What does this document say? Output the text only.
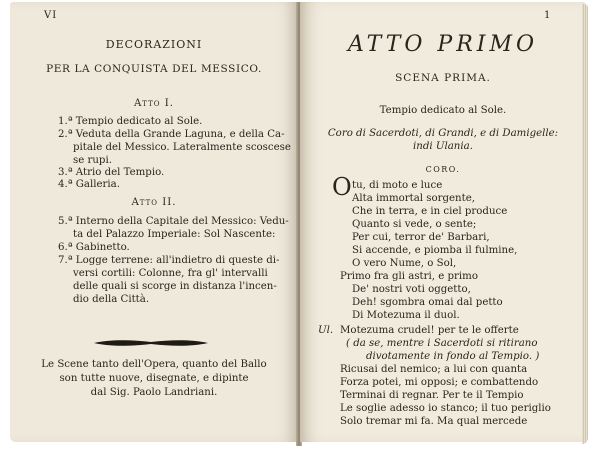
VI
DECORAZIONI
PER LA CONQUISTA DEL MESSICO.
Atto I.
1.ª Tempio dedicato al Sole.
2.ª Veduta della Grande Laguna, e della Ca-
pitale del Messico. Lateralmente scoscese
se rupi.
3.ª Atrio del Tempio.
4.ª Galleria.
Atto II.
5.ª Interno della Capitale del Messico: Vedu-
ta del Palazzo Imperiale: Sol Nascente:
6.ª Gabinetto.
7.ª Logge terrene: all'indietro di queste di-
versi cortili: Colonne, fra gl' intervalli
delle quali si scorge in distanza l'incen-
dio della Città.
Le Scene tanto dell'Opera, quanto del Ballo
son tutte nuove, disegnate, e dipinte
dal Sig. Paolo Landriani.
1
ATTO PRIMO
SCENA PRIMA.
Tempio dedicato al Sole.
Coro di Sacerdoti, di Grandi, e di Damigelle:
indi Ulania.
CORO.
O tu, di moto e luce
Alta immortal sorgente,
Che in terra, e in ciel produce
Quanto si vede, o sente;
Per cui, terror de' Barbari,
Si accende, e piomba il fulmine,
O vero Nume, o Sol,
Primo fra gli astri, e primo
De' nostri voti oggetto,
Deh! sgombra omai dal petto
Di Motezuma il duol.
Ul. Motezuma crudel! per te le offerte
( da se, mentre i Sacerdoti si ritirano
divotamente in fondo al Tempio. )
Ricusai del nemico; a lui con quanta
Forza potei, mi opposi; e combattendo
Terminai di regnar. Per te il Tempio
Le soglie adesso io stanco; il tuo periglio
Solo tremar mi fa. Ma qual mercede
